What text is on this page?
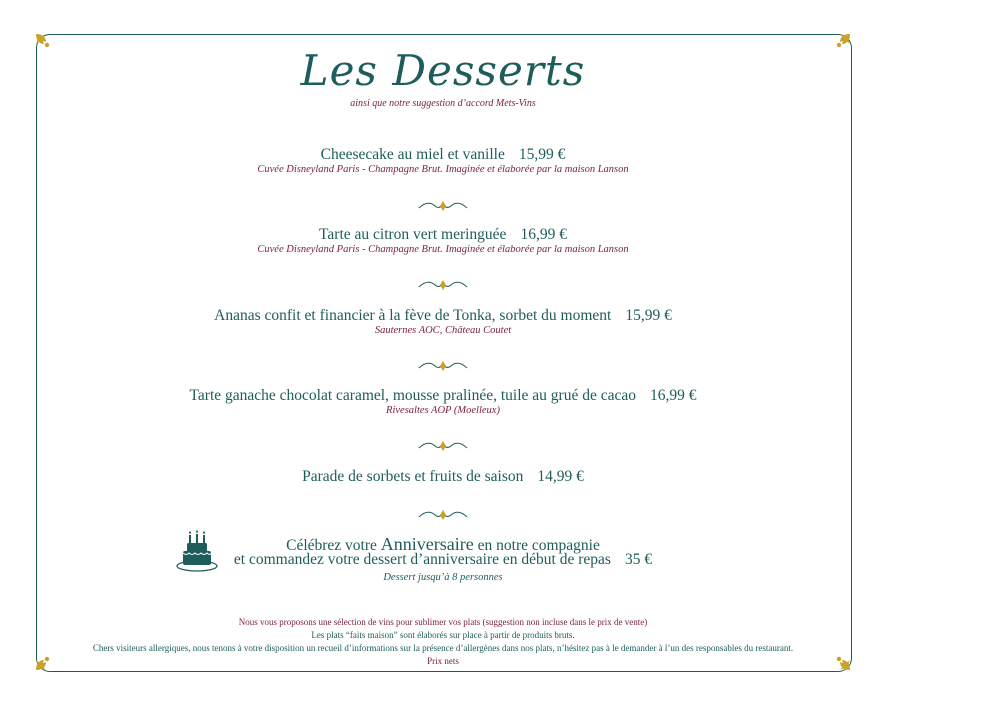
Les Desserts
ainsi que notre suggestion d’accord Mets-Vins
Cheesecake au miel et vanille 15,99 €
Cuvée Disneyland Paris - Champagne Brut. Imaginée et élaborée par la maison Lanson
Tarte au citron vert meringuée 16,99 €
Cuvée Disneyland Paris - Champagne Brut. Imaginée et élaborée par la maison Lanson
Ananas confit et financier à la fève de Tonka, sorbet du moment 15,99 €
Sauternes AOC, Château Coutet
Tarte ganache chocolat caramel, mousse pralinée, tuile au grué de cacao 16,99 €
Rivesaltes AOP (Moelleux)
Parade de sorbets et fruits de saison 14,99 €
Célébrez votre Anniversaire en notre compagnie
et commandez votre dessert d’anniversaire en début de repas 35 €
Dessert jusqu’à 8 personnes
Nous vous proposons une sélection de vins pour sublimer vos plats (suggestion non incluse dans le prix de vente)
Les plats “faits maison” sont élaborés sur place à partir de produits bruts.
Chers visiteurs allergiques, nous tenons à votre disposition un recueil d’informations sur la présence d’allergènes dans nos plats, n’hésitez pas à le demander à l’un des responsables du restaurant.
Prix nets
